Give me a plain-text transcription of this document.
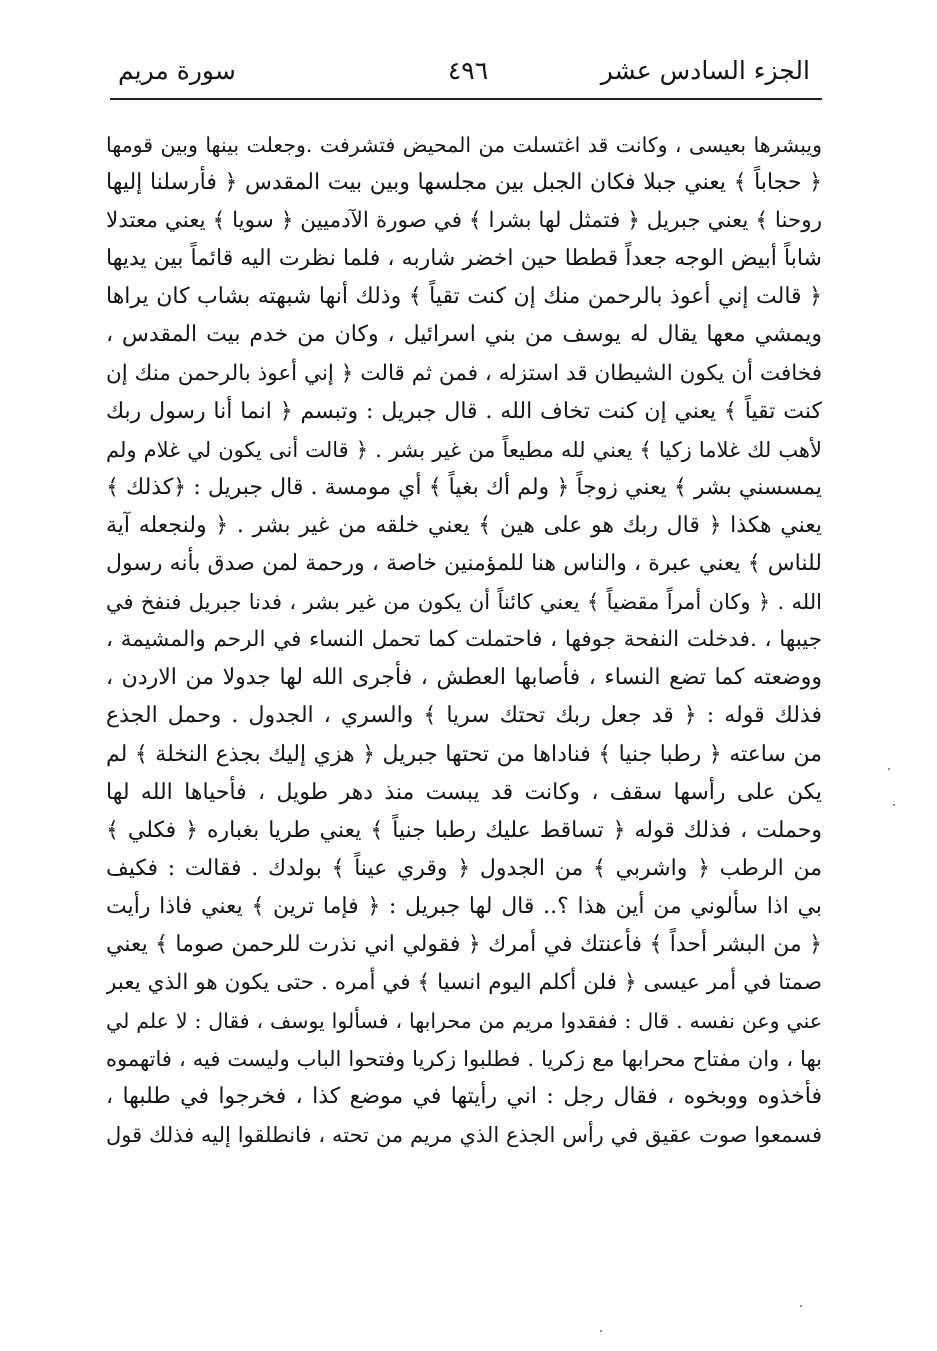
الجزء السادس عشر
٤٩٦
سورة مريم
ويبشرها بعيسى ، وكانت قد اغتسلت من المحيض فتشرفت .وجعلت بينها وبين قومها
﴿ حجاباً ﴾ يعني جبلا فكان الجبل بين مجلسها وبين بيت المقدس ﴿ فأرسلنا إليها
روحنا ﴾ يعني جبريل ﴿ فتمثل لها بشرا ﴾ في صورة الآدميين ﴿ سويا ﴾ يعني معتدلا
شاباً أبيض الوجه جعداً قططا حين اخضر شاربه ، فلما نظرت اليه قائماً بين يديها
﴿ قالت إني أعوذ بالرحمن منك إن كنت تقياً ﴾ وذلك أنها شبهته بشاب كان يراها
ويمشي معها يقال له يوسف من بني اسرائيل ، وكان من خدم بيت المقدس ،
فخافت أن يكون الشيطان قد استزله ، فمن ثم قالت ﴿ إني أعوذ بالرحمن منك إن
كنت تقياً ﴾ يعني إن كنت تخاف الله . قال جبريل : وتبسم ﴿ انما أنا رسول ربك
لأهب لك غلاما زكيا ﴾ يعني لله مطيعاً من غير بشر . ﴿ قالت أنى يكون لي غلام ولم
يمسسني بشر ﴾ يعني زوجاً ﴿ ولم أك بغياً ﴾ أي مومسة . قال جبريل : ﴿كذلك ﴾
يعني هكذا ﴿ قال ربك هو على هين ﴾ يعني خلقه من غير بشر . ﴿ ولنجعله آية
للناس ﴾ يعني عبرة ، والناس هنا للمؤمنين خاصة ، ورحمة لمن صدق بأنه رسول
الله . ﴿ وكان أمراً مقضياً ﴾ يعني كائناً أن يكون من غير بشر ، فدنا جبريل فنفخ في
جيبها ، .فدخلت النفحة جوفها ، فاحتملت كما تحمل النساء في الرحم والمشيمة ،
ووضعته كما تضع النساء ، فأصابها العطش ، فأجرى الله لها جدولا من الاردن ،
فذلك قوله : ﴿ قد جعل ربك تحتك سريا ﴾ والسري ، الجدول . وحمل الجذع
من ساعته ﴿ رطبا جنيا ﴾ فناداها من تحتها جبريل ﴿ هزي إليك بجذع النخلة ﴾ لم
يكن على رأسها سقف ، وكانت قد يبست منذ دهر طويل ، فأحياها الله لها
وحملت ، فذلك قوله ﴿ تساقط عليك رطبا جنياً ﴾ يعني طريا بغباره ﴿ فكلي ﴾
من الرطب ﴿ واشربي ﴾ من الجدول ﴿ وقري عيناً ﴾ بولدك . فقالت : فكيف
بي اذا سألوني من أين هذا ؟.. قال لها جبريل : ﴿ فإما ترين ﴾ يعني فاذا رأيت
﴿ من البشر أحداً ﴾ فأعنتك في أمرك ﴿ فقولي اني نذرت للرحمن صوما ﴾ يعني
صمتا في أمر عيسى ﴿ فلن أكلم اليوم انسيا ﴾ في أمره . حتى يكون هو الذي يعبر
عني وعن نفسه . قال : ففقدوا مريم من محرابها ، فسألوا يوسف ، فقال : لا علم لي
بها ، وان مفتاح محرابها مع زكريا . فطلبوا زكريا وفتحوا الباب وليست فيه ، فاتهموه
فأخذوه ووبخوه ، فقال رجل : اني رأيتها في موضع كذا ، فخرجوا في طلبها ،
فسمعوا صوت عقيق في رأس الجذع الذي مريم من تحته ، فانطلقوا إليه فذلك قول
